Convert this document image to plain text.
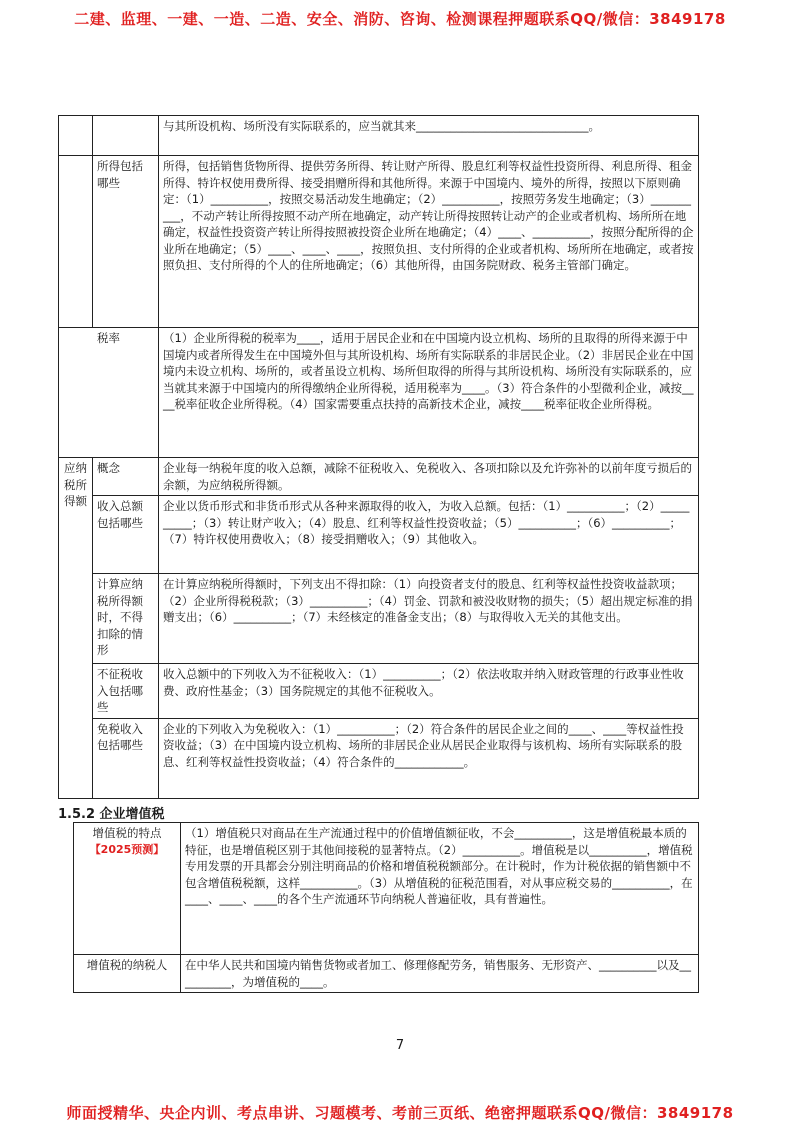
二建、监理、一建、一造、二造、安全、消防、咨询、检测课程押题联系QQ/微信：3849178
		与其所设机构、场所没有实际联系的，应当就其来______________________________。
	所得包括哪些	所得，包括销售货物所得、提供劳务所得、转让财产所得、股息红利等权益性投资所得、利息所得、租金所得、特许权使用费所得、接受捐赠所得和其他所得。来源于中国境内、境外的所得，按照以下原则确定：（1）__________，按照交易活动发生地确定；（2）__________，按照劳务发生地确定；（3）__________，不动产转让所得按照不动产所在地确定，动产转让所得按照转让动产的企业或者机构、场所所在地确定，权益性投资资产转让所得按照被投资企业所在地确定；（4）____、__________，按照分配所得的企业所在地确定；（5）____、____、____，按照负担、支付所得的企业或者机构、场所所在地确定，或者按照负担、支付所得的个人的住所地确定；（6）其他所得，由国务院财政、税务主管部门确定。
税率		（1）企业所得税的税率为____，适用于居民企业和在中国境内设立机构、场所的且取得的所得来源于中国境内或者所得发生在中国境外但与其所设机构、场所有实际联系的非居民企业。（2）非居民企业在中国境内未设立机构、场所的，或者虽设立机构、场所但取得的所得与其所设机构、场所没有实际联系的，应当就其来源于中国境内的所得缴纳企业所得税，适用税率为____。（3）符合条件的小型微利企业，减按____税率征收企业所得税。（4）国家需要重点扶持的高新技术企业，减按____税率征收企业所得税。
应纳税所得额	概念	企业每一纳税年度的收入总额，减除不征税收入、免税收入、各项扣除以及允许弥补的以前年度亏损后的余额，为应纳税所得额。
	收入总额包括哪些	企业以货币形式和非货币形式从各种来源取得的收入，为收入总额。包括：（1）__________；（2）__________；（3）转让财产收入；（4）股息、红利等权益性投资收益；（5）__________；（6）__________；（7）特许权使用费收入；（8）接受捐赠收入；（9）其他收入。
	计算应纳税所得额时，不得扣除的情形	在计算应纳税所得额时，下列支出不得扣除：（1）向投资者支付的股息、红利等权益性投资收益款项；（2）企业所得税税款；（3）__________；（4）罚金、罚款和被没收财物的损失；（5）超出规定标准的捐赠支出；（6）__________；（7）未经核定的准备金支出；（8）与取得收入无关的其他支出。
	不征税收入包括哪些	收入总额中的下列收入为不征税收入：（1）__________；（2）依法收取并纳入财政管理的行政事业性收费、政府性基金；（3）国务院规定的其他不征税收入。
	免税收入包括哪些	企业的下列收入为免税收入：（1）__________；（2）符合条件的居民企业之间的____、____等权益性投资收益；（3）在中国境内设立机构、场所的非居民企业从居民企业取得与该机构、场所有实际联系的股息、红利等权益性投资收益；（4）符合条件的____________。
1.5.2 企业增值税
增值税的特点
【2025预测】	（1）增值税只对商品在生产流通过程中的价值增值额征收，不会__________，这是增值税最本质的特征，也是增值税区别于其他间接税的显著特点。（2）__________。增值税是以__________，增值税专用发票的开具都会分别注明商品的价格和增值税税额部分。在计税时，作为计税依据的销售额中不包含增值税税额，这样__________。（3）从增值税的征税范围看，对从事应税交易的__________，在____、____、____的各个生产流通环节向纳税人普遍征收，具有普遍性。
增值税的纳税人	在中华人民共和国境内销售货物或者加工、修理修配劳务，销售服务、无形资产、__________以及__________，为增值税的____。
7
师面授精华、央企内训、考点串讲、习题模考、考前三页纸、绝密押题联系QQ/微信：3849178
